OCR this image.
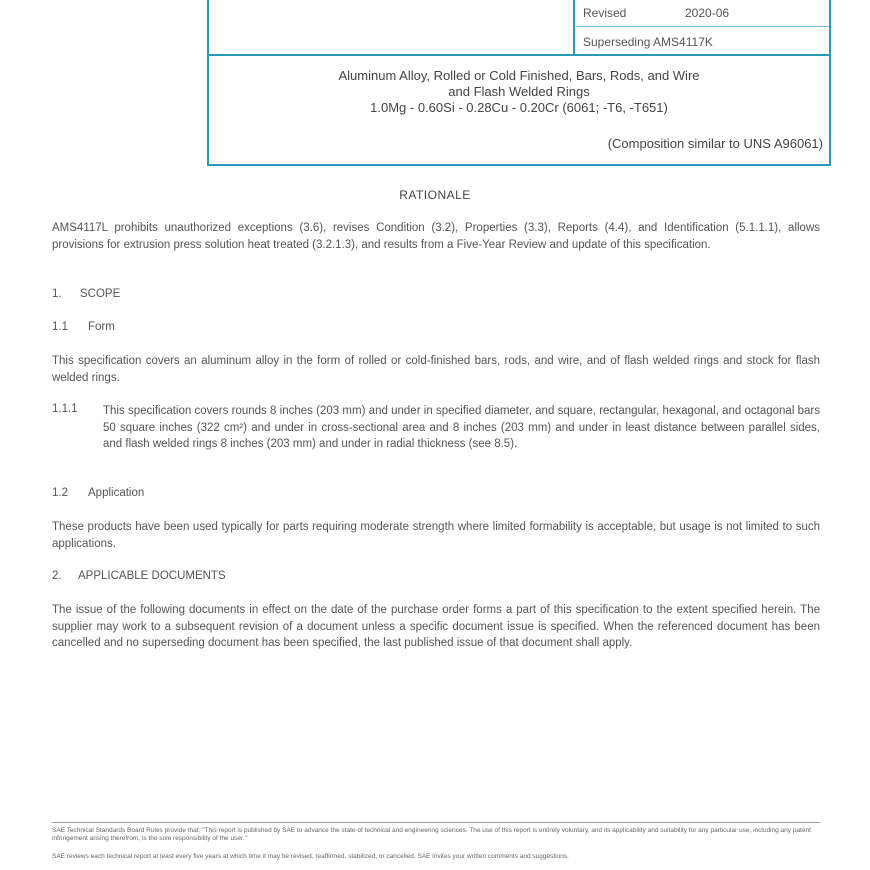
Revised	2020-06
Superseding AMS4117K
Aluminum Alloy, Rolled or Cold Finished, Bars, Rods, and Wire
and Flash Welded Rings
1.0Mg - 0.60Si - 0.28Cu - 0.20Cr (6061; -T6, -T651)
(Composition similar to UNS A96061)
RATIONALE
AMS4117L prohibits unauthorized exceptions (3.6), revises Condition (3.2), Properties (3.3), Reports (4.4), and Identification (5.1.1.1), allows provisions for extrusion press solution heat treated (3.2.1.3), and results from a Five-Year Review and update of this specification.
1. SCOPE
1.1 Form
This specification covers an aluminum alloy in the form of rolled or cold-finished bars, rods, and wire, and of flash welded rings and stock for flash welded rings.
1.1.1 This specification covers rounds 8 inches (203 mm) and under in specified diameter, and square, rectangular, hexagonal, and octagonal bars 50 square inches (322 cm²) and under in cross-sectional area and 8 inches (203 mm) and under in least distance between parallel sides, and flash welded rings 8 inches (203 mm) and under in radial thickness (see 8.5).
1.2 Application
These products have been used typically for parts requiring moderate strength where limited formability is acceptable, but usage is not limited to such applications.
2. APPLICABLE DOCUMENTS
The issue of the following documents in effect on the date of the purchase order forms a part of this specification to the extent specified herein. The supplier may work to a subsequent revision of a document unless a specific document issue is specified. When the referenced document has been cancelled and no superseding document has been specified, the last published issue of that document shall apply.
SAE Technical Standards Board Rules provide that: "This report is published by SAE to advance the state of technical and engineering sciences. The use of this report is entirely voluntary, and its applicability and suitability for any particular use, including any patent infringement arising therefrom, is the sole responsibility of the user."
SAE reviews each technical report at least every five years at which time it may be revised, reaffirmed, stabilized, or cancelled. SAE invites your written comments and suggestions.
